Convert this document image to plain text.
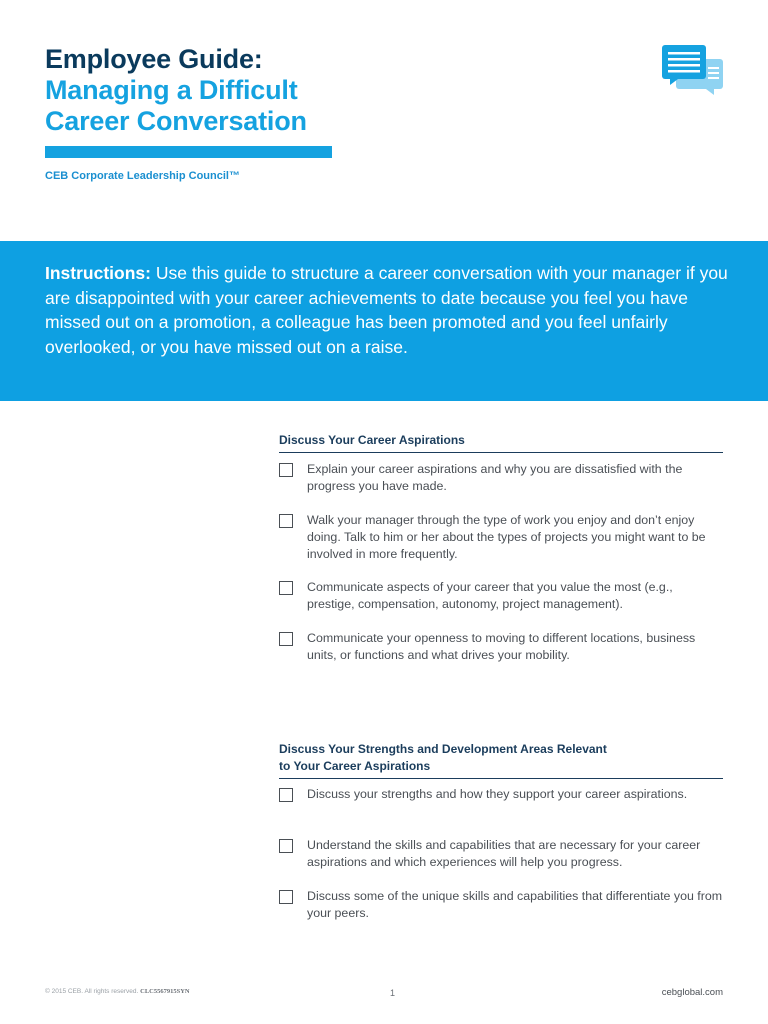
Employee Guide:
Managing a Difficult
Career Conversation
CEB Corporate Leadership Council™

Instructions: Use this guide to structure a career conversation with your manager if you are disappointed with your career achievements to date because you feel you have missed out on a promotion, a colleague has been promoted and you feel unfairly overlooked, or you have missed out on a raise.

Discuss Your Career Aspirations
Explain your career aspirations and why you are dissatisfied with the progress you have made.
Walk your manager through the type of work you enjoy and don’t enjoy doing. Talk to him or her about the types of projects you might want to be involved in more frequently.
Communicate aspects of your career that you value the most (e.g., prestige, compensation, autonomy, project management).
Communicate your openness to moving to different locations, business units, or functions and what drives your mobility.
Discuss Your Strengths and Development Areas Relevant
to Your Career Aspirations
Discuss your strengths and how they support your career aspirations.
Understand the skills and capabilities that are necessary for your career aspirations and which experiences will help you progress.
Discuss some of the unique skills and capabilities that differentiate you from your peers.
© 2015 CEB. All rights reserved. CLC5567915SYN	1	cebglobal.com
